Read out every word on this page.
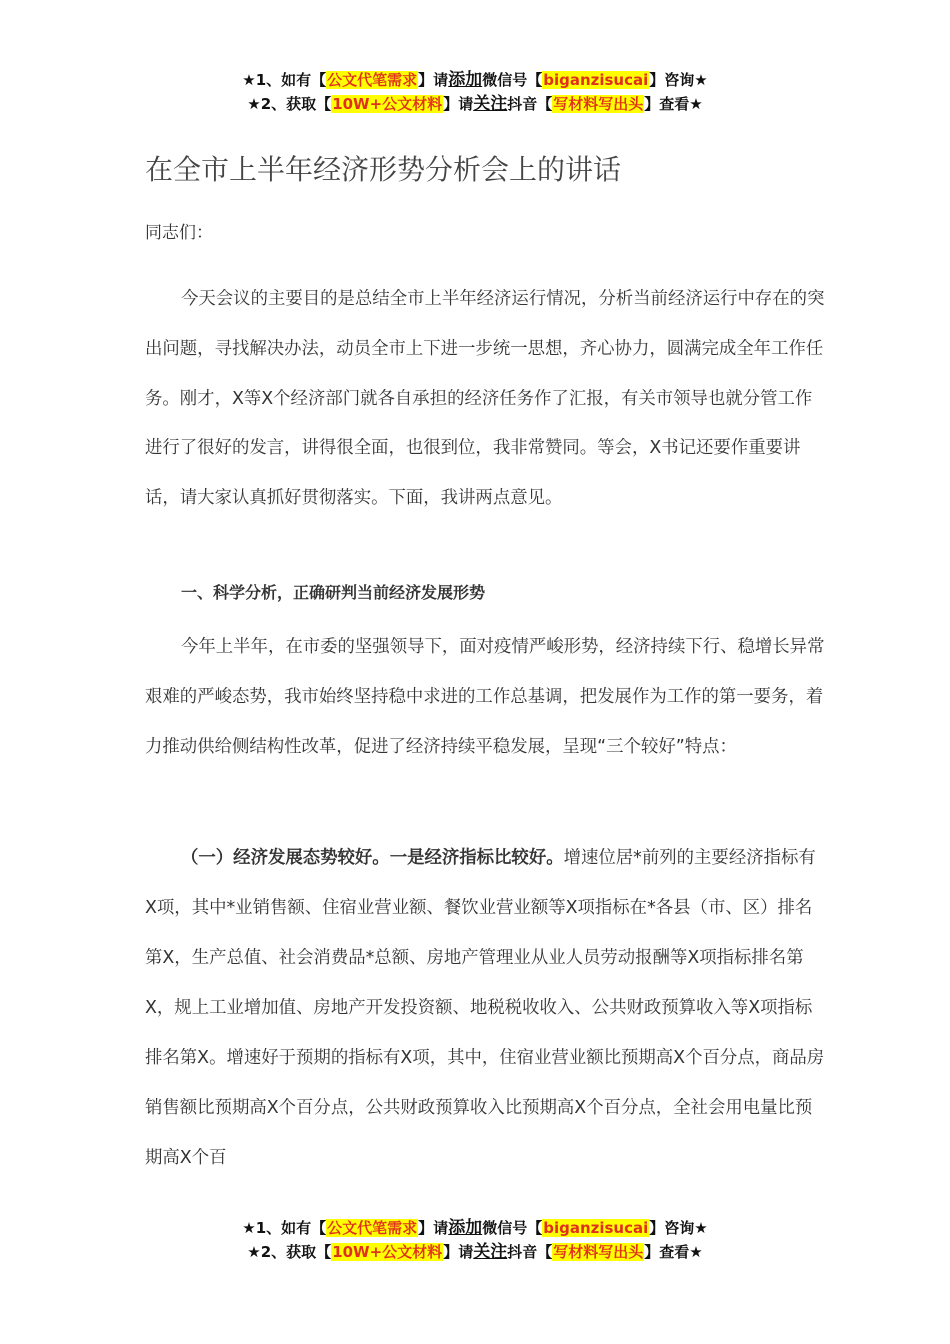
★1、如有【公文代笔需求】请添加微信号【biganzisucai】咨询★
★2、获取【10W+公文材料】请关注抖音【写材料写出头】查看★
在全市上半年经济形势分析会上的讲话
同志们：
今天会议的主要目的是总结全市上半年经济运行情况，分析当前经济运行中存在的突出问题，寻找解决办法，动员全市上下进一步统一思想，齐心协力，圆满完成全年工作任务。刚才，X等X个经济部门就各自承担的经济任务作了汇报，有关市领导也就分管工作进行了很好的发言，讲得很全面，也很到位，我非常赞同。等会，X书记还要作重要讲话，请大家认真抓好贯彻落实。下面，我讲两点意见。
一、科学分析，正确研判当前经济发展形势
今年上半年，在市委的坚强领导下，面对疫情严峻形势，经济持续下行、稳增长异常艰难的严峻态势，我市始终坚持稳中求进的工作总基调，把发展作为工作的第一要务，着力推动供给侧结构性改革，促进了经济持续平稳发展，呈现“三个较好”特点：
（一）经济发展态势较好。一是经济指标比较好。增速位居*前列的主要经济指标有X项，其中*业销售额、住宿业营业额、餐饮业营业额等X项指标在*各县（市、区）排名第X，生产总值、社会消费品*总额、房地产管理业从业人员劳动报酬等X项指标排名第X，规上工业增加值、房地产开发投资额、地税税收收入、公共财政预算收入等X项指标排名第X。增速好于预期的指标有X项，其中，住宿业营业额比预期高X个百分点，商品房销售额比预期高X个百分点，公共财政预算收入比预期高X个百分点，全社会用电量比预期高X个百
★1、如有【公文代笔需求】请添加微信号【biganzisucai】咨询★
★2、获取【10W+公文材料】请关注抖音【写材料写出头】查看★
